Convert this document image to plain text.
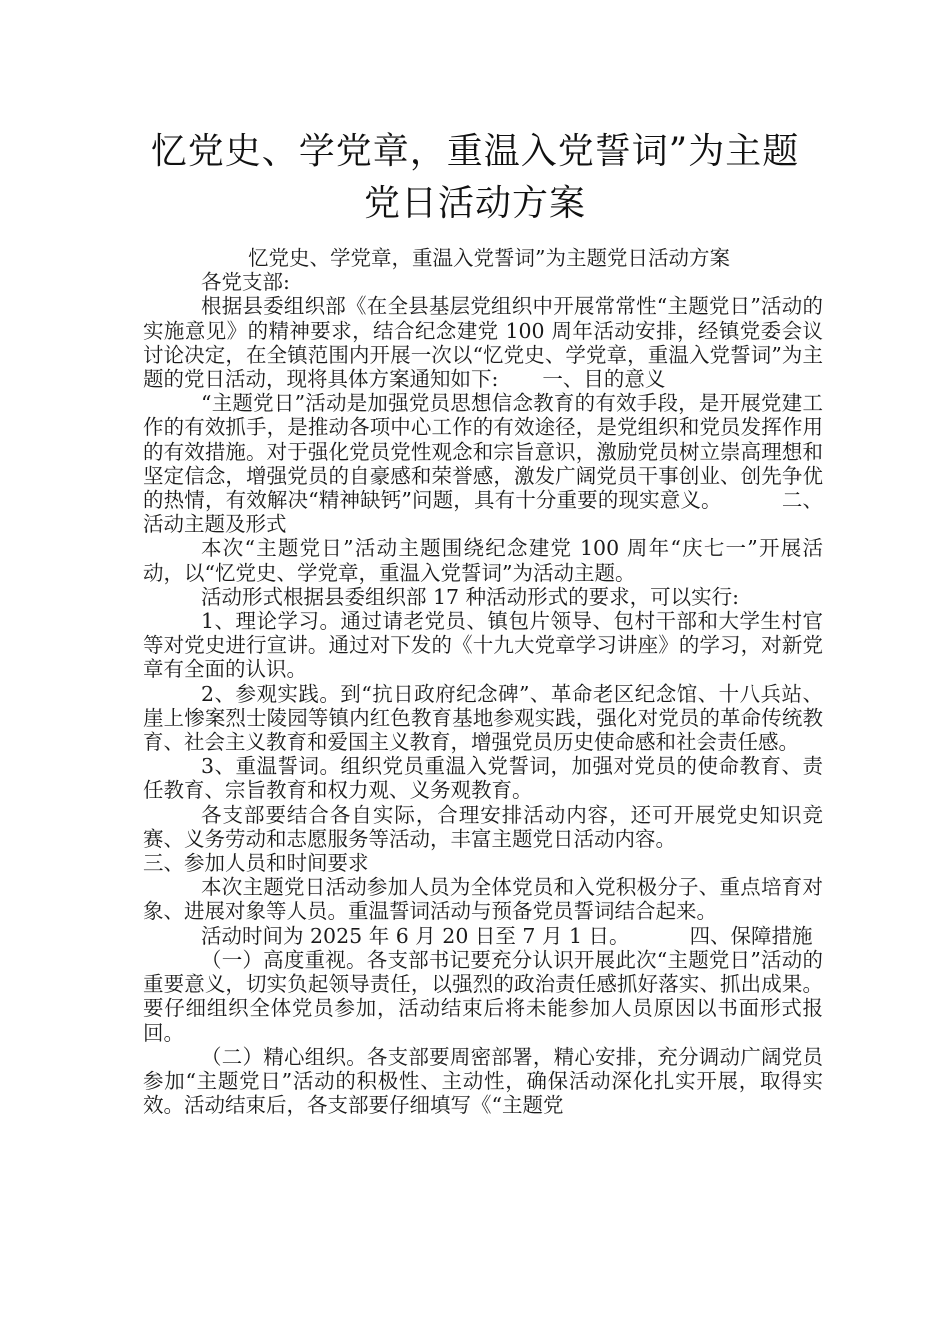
忆党史、学党章，重温入党誓词”为主题
党日活动方案

忆党史、学党章，重温入党誓词”为主题党日活动方案

各党支部:

根据县委组织部《在全县基层党组织中开展常常性“主题党日”活动的实施意见》的精神要求，结合纪念建党 100 周年活动安排，经镇党委会议讨论决定，在全镇范围内开展一次以“忆党史、学党章，重温入党誓词”为主题的党日活动，现将具体方案通知如下: 一、目的意义

“主题党日”活动是加强党员思想信念教育的有效手段，是开展党建工作的有效抓手，是推动各项中心工作的有效途径，是党组织和党员发挥作用的有效措施。对于强化党员党性观念和宗旨意识，激励党员树立崇高理想和坚定信念，增强党员的自豪感和荣誉感，激发广阔党员干事创业、创先争优的热情，有效解决“精神缺钙”问题，具有十分重要的现实意义。	二、活动主题及形式

本次“主题党日”活动主题围绕纪念建党 100 周年“庆七一”开展活动，以“忆党史、学党章，重温入党誓词”为活动主题。

活动形式根据县委组织部 17 种活动形式的要求，可以实行:

1、理论学习。通过请老党员、镇包片领导、包村干部和大学生村官等对党史进行宣讲。通过对下发的《十九大党章学习讲座》的学习，对新党章有全面的认识。

2、参观实践。到“抗日政府纪念碑”、革命老区纪念馆、十八兵站、崖上惨案烈士陵园等镇内红色教育基地参观实践，强化对党员的革命传统教育、社会主义教育和爱国主义教育，增强党员历史使命感和社会责任感。

3、重温誓词。组织党员重温入党誓词，加强对党员的使命教育、责任教育、宗旨教育和权力观、义务观教育。

各支部要结合各自实际，合理安排活动内容，还可开展党史知识竞赛、义务劳动和志愿服务等活动，丰富主题党日活动内容。

三、参加人员和时间要求

本次主题党日活动参加人员为全体党员和入党积极分子、重点培育对象、进展对象等人员。重温誓词活动与预备党员誓词结合起来。

活动时间为 2025 年 6 月 20 日至 7 月 1 日。	四、保障措施

（一）高度重视。各支部书记要充分认识开展此次“主题党日”活动的重要意义，切实负起领导责任，以强烈的政治责任感抓好落实、抓出成果。要仔细组织全体党员参加，活动结束后将未能参加人员原因以书面形式报回。

（二）精心组织。各支部要周密部署，精心安排，充分调动广阔党员参加“主题党日”活动的积极性、主动性，确保活动深化扎实开展，取得实效。活动结束后，各支部要仔细填写《“主题党
